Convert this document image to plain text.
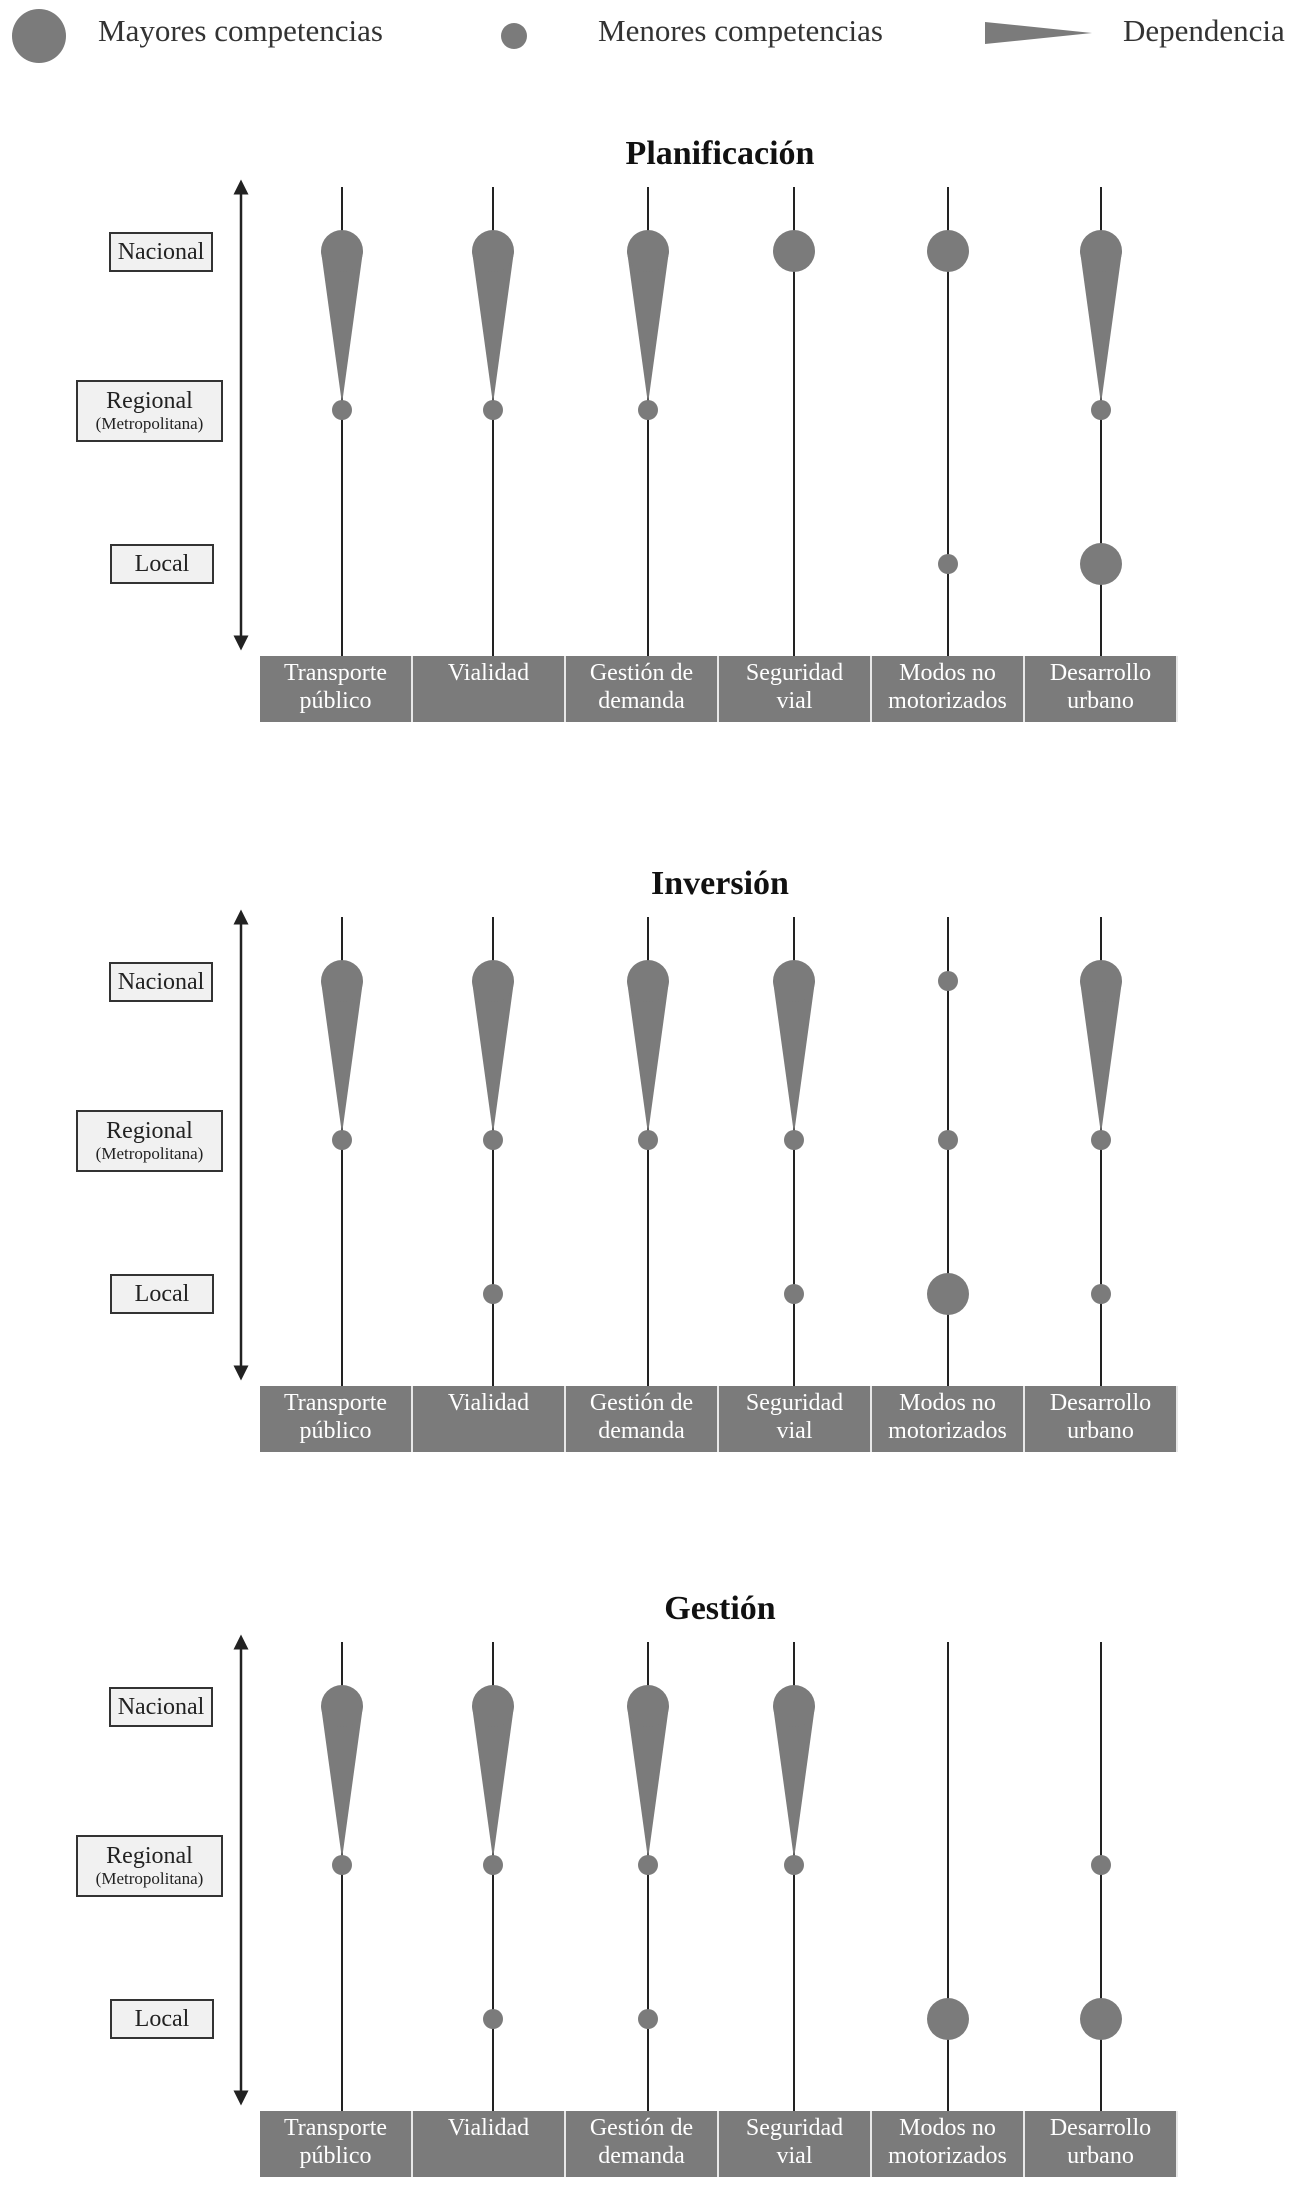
Mayores competencias	Menores competencias	Dependencia
Planificación
Nacional
Regional
(Metropolitana)
Local
Transporte
público
Vialidad	Gestión de
demanda
Seguridad
vial
Modos no
motorizados
Desarrollo
urbano
Inversión
Nacional
Regional
(Metropolitana)
Local
Transporte
público
Vialidad	Gestión de
demanda
Seguridad
vial
Modos no
motorizados
Desarrollo
urbano
Gestión
Nacional
Regional
(Metropolitana)
Local
Transporte
público
Vialidad	Gestión de
demanda
Seguridad
vial
Modos no
motorizados
Desarrollo
urbano
